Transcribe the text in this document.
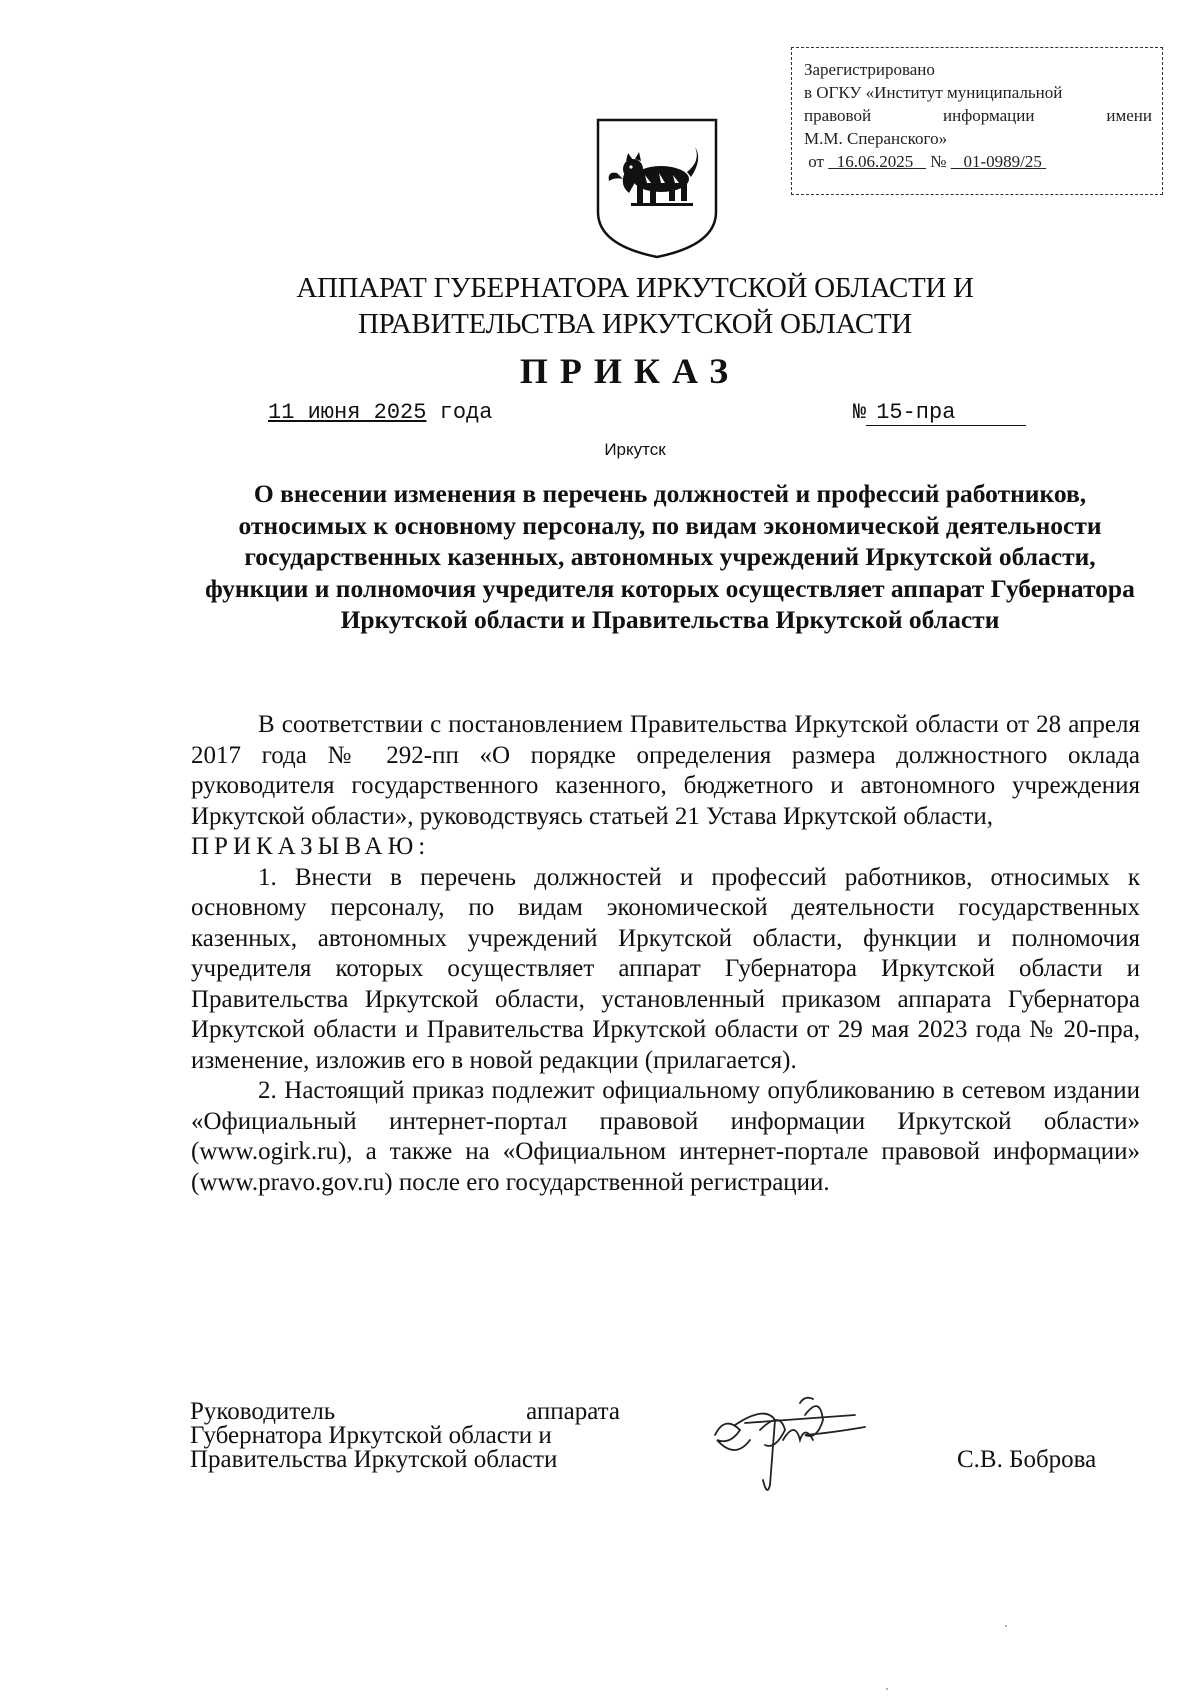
Зарегистрировано
в ОГКУ «Институт муниципальной
правовой	информации	имени
М.М. Сперанского»
от 16.06.2025 № 01-0989/25
АППАРАТ ГУБЕРНАТОРА ИРКУТСКОЙ ОБЛАСТИ И
ПРАВИТЕЛЬСТВА ИРКУТСКОЙ ОБЛАСТИ
ПРИКАЗ
11 июня 2025 года	№ 15-пра
Иркутск
О внесении изменения в перечень должностей и профессий работников, относимых к основному персоналу, по видам экономической деятельности государственных казенных, автономных учреждений Иркутской области, функции и полномочия учредителя которых осуществляет аппарат Губернатора Иркутской области и Правительства Иркутской области

В соответствии с постановлением Правительства Иркутской области от 28 апреля 2017 года № 292-пп «О порядке определения размера должностного оклада руководителя государственного казенного, бюджетного и автономного учреждения Иркутской области», руководствуясь статьей 21 Устава Иркутской области,

ПРИКАЗЫВАЮ:

1. Внести в перечень должностей и профессий работников, относимых к основному персоналу, по видам экономической деятельности государственных казенных, автономных учреждений Иркутской области, функции и полномочия учредителя которых осуществляет аппарат Губернатора Иркутской области и Правительства Иркутской области, установленный приказом аппарата Губернатора Иркутской области и Правительства Иркутской области от 29 мая 2023 года № 20-пра, изменение, изложив его в новой редакции (прилагается).

2. Настоящий приказ подлежит официальному опубликованию в сетевом издании «Официальный интернет-портал правовой информации Иркутской области» (www.ogirk.ru), а также на «Официальном интернет-портале правовой информации» (www.pravo.gov.ru) после его государственной регистрации.

Руководитель	аппарата
Губернатора Иркутской области и
Правительства Иркутской области	С.В. Боброва
